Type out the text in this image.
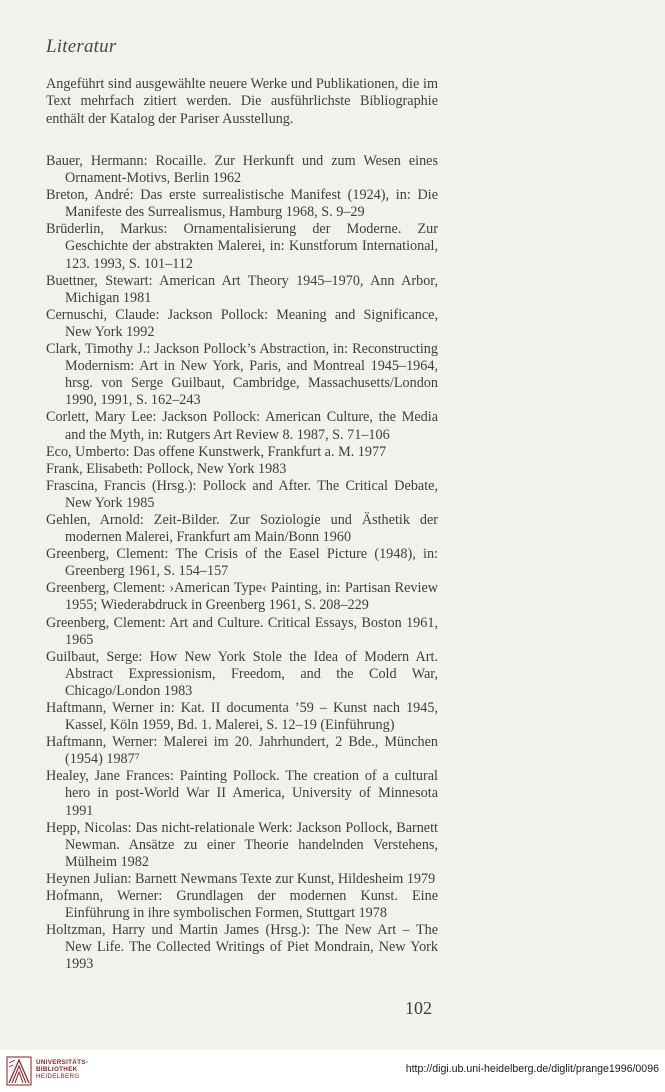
Literatur

Angeführt sind ausgewählte neuere Werke und Publikationen, die im Text mehrfach zitiert werden. Die ausführlichste Bibliographie enthält der Katalog der Pariser Ausstellung.

Bauer, Hermann: Rocaille. Zur Herkunft und zum Wesen eines Ornament-Motivs, Berlin 1962

Breton, André: Das erste surrealistische Manifest (1924), in: Die Manifeste des Surrealismus, Hamburg 1968, S. 9–29

Brüderlin, Markus: Ornamentalisierung der Moderne. Zur Geschichte der abstrakten Malerei, in: Kunstforum International, 123. 1993, S. 101–112

Buettner, Stewart: American Art Theory 1945–1970, Ann Arbor, Michigan 1981

Cernuschi, Claude: Jackson Pollock: Meaning and Significance, New York 1992

Clark, Timothy J.: Jackson Pollock’s Abstraction, in: Reconstructing Modernism: Art in New York, Paris, and Montreal 1945–1964, hrsg. von Serge Guilbaut, Cambridge, Massachusetts/London 1990, 1991, S. 162–243

Corlett, Mary Lee: Jackson Pollock: American Culture, the Media and the Myth, in: Rutgers Art Review 8. 1987, S. 71–106

Eco, Umberto: Das offene Kunstwerk, Frankfurt a. M. 1977

Frank, Elisabeth: Pollock, New York 1983

Frascina, Francis (Hrsg.): Pollock and After. The Critical Debate, New York 1985

Gehlen, Arnold: Zeit-Bilder. Zur Soziologie und Ästhetik der modernen Malerei, Frankfurt am Main/Bonn 1960

Greenberg, Clement: The Crisis of the Easel Picture (1948), in: Greenberg 1961, S. 154–157

Greenberg, Clement: ›American Type‹ Painting, in: Partisan Review 1955; Wiederabdruck in Greenberg 1961, S. 208–229

Greenberg, Clement: Art and Culture. Critical Essays, Boston 1961, 1965

Guilbaut, Serge: How New York Stole the Idea of Modern Art. Abstract Expressionism, Freedom, and the Cold War, Chicago/London 1983

Haftmann, Werner in: Kat. II documenta ’59 – Kunst nach 1945, Kassel, Köln 1959, Bd. 1. Malerei, S. 12–19 (Einführung)

Haftmann, Werner: Malerei im 20. Jahrhundert, 2 Bde., München (1954) 1987⁷

Healey, Jane Frances: Painting Pollock. The creation of a cultural hero in post-World War II America, University of Minnesota 1991

Hepp, Nicolas: Das nicht-relationale Werk: Jackson Pollock, Barnett Newman. Ansätze zu einer Theorie handelnden Verstehens, Mülheim 1982

Heynen Julian: Barnett Newmans Texte zur Kunst, Hildesheim 1979

Hofmann, Werner: Grundlagen der modernen Kunst. Eine Einführung in ihre symbolischen Formen, Stuttgart 1978

Holtzman, Harry und Martin James (Hrsg.): The New Art – The New Life. The Collected Writings of Piet Mondrain, New York 1993

102
UNIVERSITÄTS-
BIBLIOTHEK
HEIDELBERG
http://digi.ub.uni-heidelberg.de/diglit/prange1996/0096
